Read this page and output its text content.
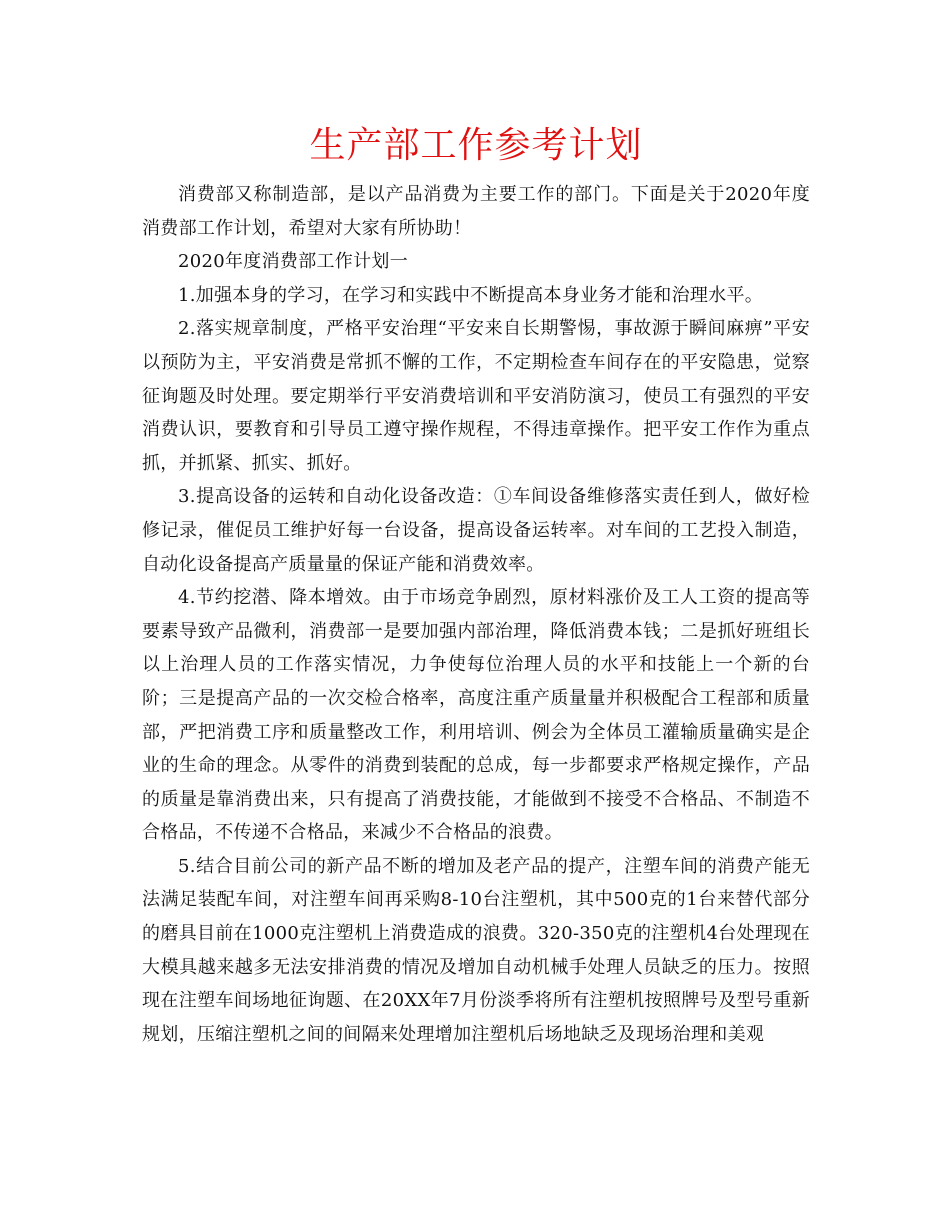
生产部工作参考计划

消费部又称制造部，是以产品消费为主要工作的部门。下面是关于2020年度消费部工作计划，希望对大家有所协助！

2020年度消费部工作计划一

1.加强本身的学习，在学习和实践中不断提高本身业务才能和治理水平。

2.落实规章制度，严格平安治理“平安来自长期警惕，事故源于瞬间麻痹”平安以预防为主，平安消费是常抓不懈的工作，不定期检查车间存在的平安隐患，觉察征询题及时处理。要定期举行平安消费培训和平安消防演习，使员工有强烈的平安消费认识，要教育和引导员工遵守操作规程，不得违章操作。把平安工作作为重点抓，并抓紧、抓实、抓好。

3.提高设备的运转和自动化设备改造：①车间设备维修落实责任到人，做好检修记录，催促员工维护好每一台设备，提高设备运转率。对车间的工艺投入制造，自动化设备提高产质量量的保证产能和消费效率。

4.节约挖潜、降本增效。由于市场竞争剧烈，原材料涨价及工人工资的提高等要素导致产品微利，消费部一是要加强内部治理，降低消费本钱；二是抓好班组长以上治理人员的工作落实情况，力争使每位治理人员的水平和技能上一个新的台阶；三是提高产品的一次交检合格率，高度注重产质量量并积极配合工程部和质量部，严把消费工序和质量整改工作，利用培训、例会为全体员工灌输质量确实是企业的生命的理念。从零件的消费到装配的总成，每一步都要求严格规定操作，产品的质量是靠消费出来，只有提高了消费技能，才能做到不接受不合格品、不制造不合格品，不传递不合格品，来减少不合格品的浪费。

5.结合目前公司的新产品不断的增加及老产品的提产，注塑车间的消费产能无法满足装配车间，对注塑车间再采购8-10台注塑机，其中500克的1台来替代部分的磨具目前在1000克注塑机上消费造成的浪费。320-350克的注塑机4台处理现在大模具越来越多无法安排消费的情况及增加自动机械手处理人员缺乏的压力。按照现在注塑车间场地征询题、在20XX年7月份淡季将所有注塑机按照牌号及型号重新规划，压缩注塑机之间的间隔来处理增加注塑机后场地缺乏及现场治理和美观
